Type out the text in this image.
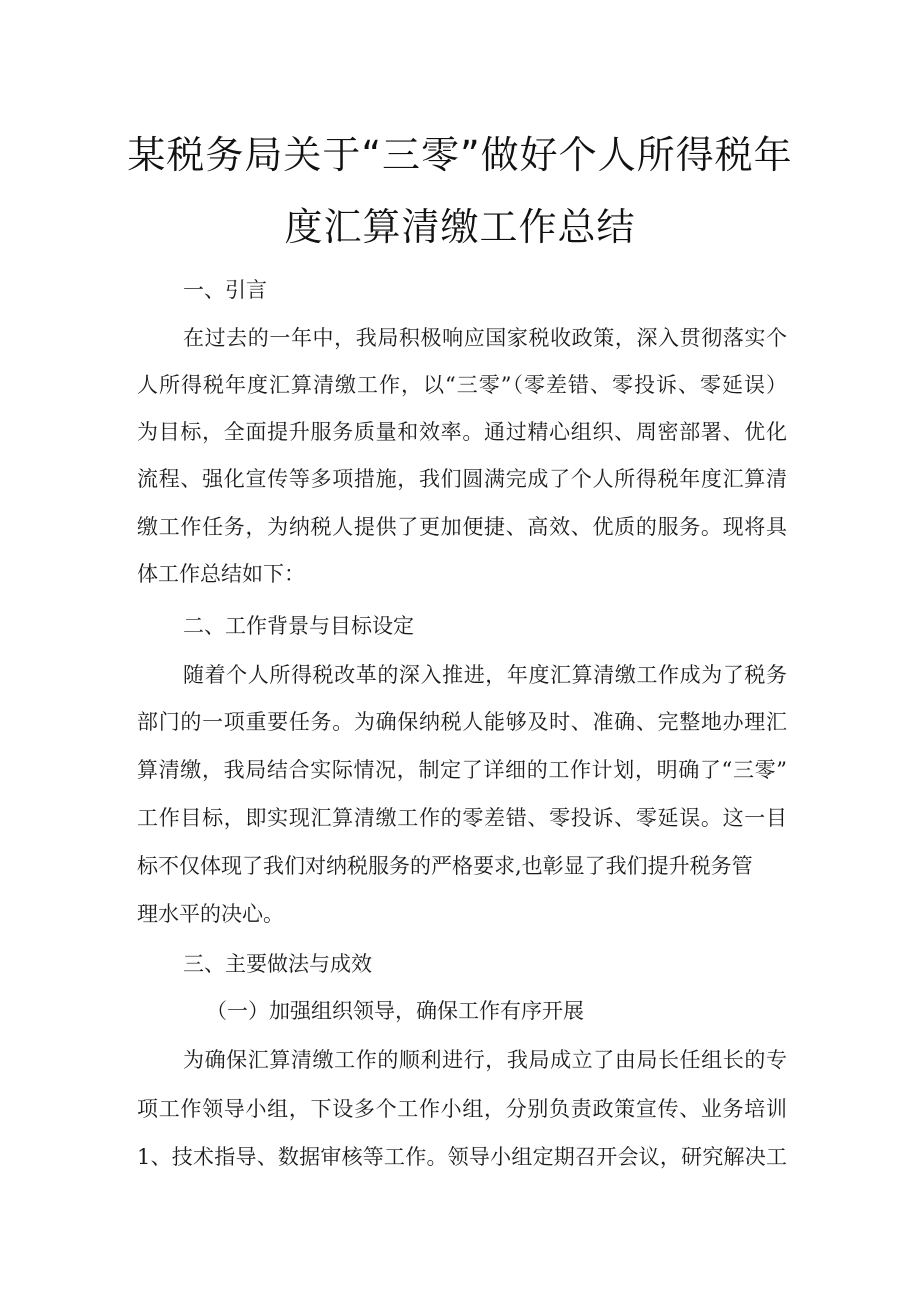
某税务局关于“三零”做好个人所得税年
度汇算清缴工作总结
一、引言
在过去的一年中，我局积极响应国家税收政策，深入贯彻落实个
人所得税年度汇算清缴工作，以“三零”（零差错、零投诉、零延误）
为目标，全面提升服务质量和效率。通过精心组织、周密部署、优化
流程、强化宣传等多项措施，我们圆满完成了个人所得税年度汇算清
缴工作任务，为纳税人提供了更加便捷、高效、优质的服务。现将具
体工作总结如下：
二、工作背景与目标设定
随着个人所得税改革的深入推进，年度汇算清缴工作成为了税务
部门的一项重要任务。为确保纳税人能够及时、准确、完整地办理汇
算清缴，我局结合实际情况，制定了详细的工作计划，明确了“三零”
工作目标，即实现汇算清缴工作的零差错、零投诉、零延误。这一目
标不仅体现了我们对纳税服务的严格要求,也彰显了我们提升税务管
理水平的决心。
三、主要做法与成效
（一）加强组织领导，确保工作有序开展
为确保汇算清缴工作的顺利进行，我局成立了由局长任组长的专
项工作领导小组，下设多个工作小组，分别负责政策宣传、业务培训
1、技术指导、数据审核等工作。领导小组定期召开会议，研究解决工
